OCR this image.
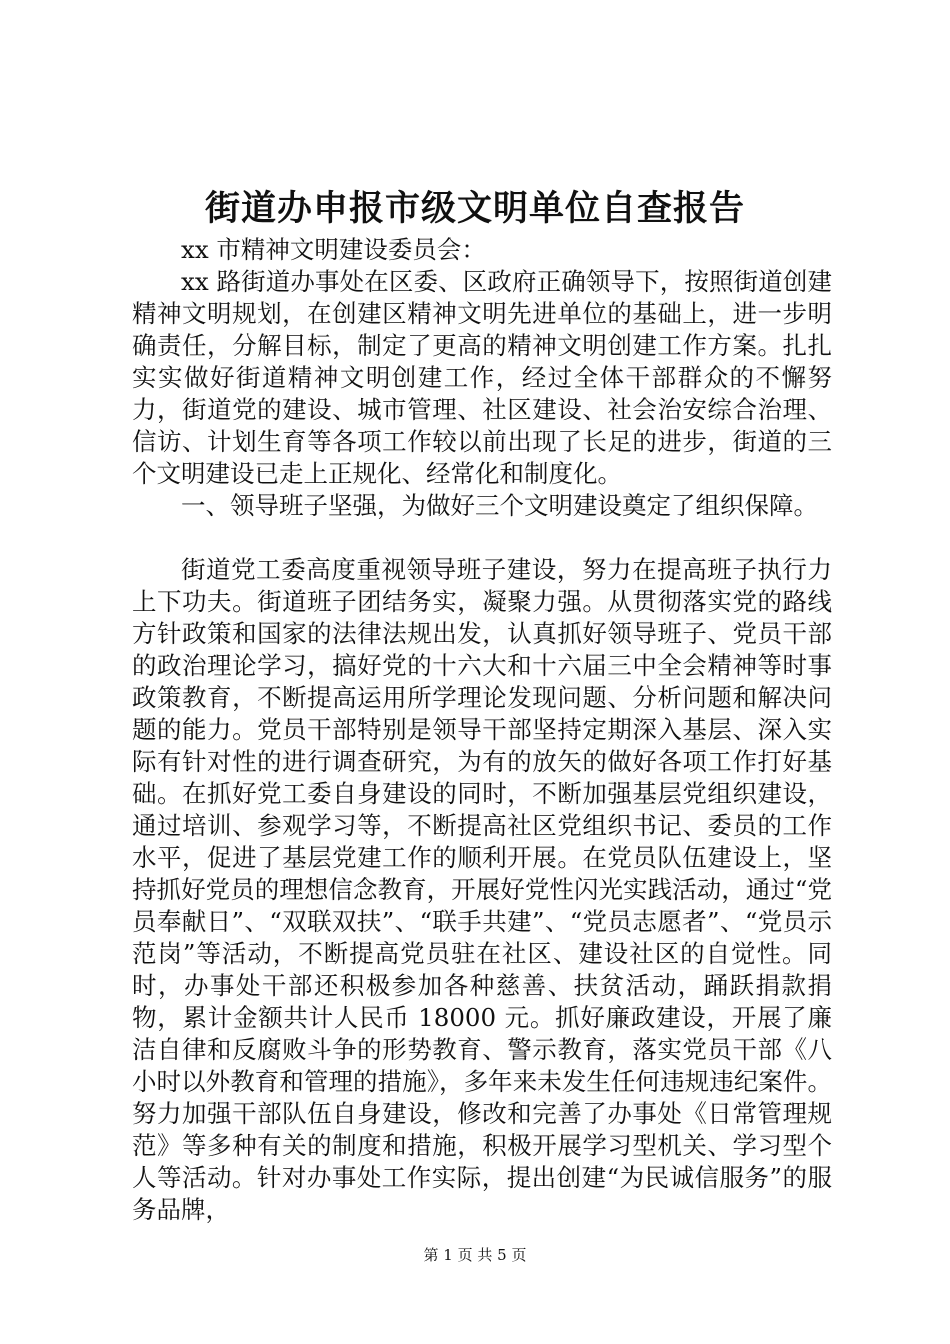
街道办申报市级文明单位自查报告

xx 市精神文明建设委员会：

xx 路街道办事处在区委、区政府正确领导下，按照街道创建精神文明规划，在创建区精神文明先进单位的基础上，进一步明确责任，分解目标，制定了更高的精神文明创建工作方案。扎扎实实做好街道精神文明创建工作，经过全体干部群众的不懈努力，街道党的建设、城市管理、社区建设、社会治安综合治理、信访、计划生育等各项工作较以前出现了长足的进步，街道的三个文明建设已走上正规化、经常化和制度化。

一、领导班子坚强，为做好三个文明建设奠定了组织保障。

街道党工委高度重视领导班子建设，努力在提高班子执行力上下功夫。街道班子团结务实，凝聚力强。从贯彻落实党的路线方针政策和国家的法律法规出发，认真抓好领导班子、党员干部的政治理论学习，搞好党的十六大和十六届三中全会精神等时事政策教育，不断提高运用所学理论发现问题、分析问题和解决问题的能力。党员干部特别是领导干部坚持定期深入基层、深入实际有针对性的进行调查研究，为有的放矢的做好各项工作打好基础。在抓好党工委自身建设的同时，不断加强基层党组织建设，通过培训、参观学习等，不断提高社区党组织书记、委员的工作水平，促进了基层党建工作的顺利开展。在党员队伍建设上，坚持抓好党员的理想信念教育，开展好党性闪光实践活动，通过“党员奉献日”、“双联双扶”、“联手共建”、“党员志愿者”、“党员示范岗”等活动，不断提高党员驻在社区、建设社区的自觉性。同时，办事处干部还积极参加各种慈善、扶贫活动，踊跃捐款捐物，累计金额共计人民币 18000 元。抓好廉政建设，开展了廉洁自律和反腐败斗争的形势教育、警示教育，落实党员干部《八小时以外教育和管理的措施》，多年来未发生任何违规违纪案件。努力加强干部队伍自身建设，修改和完善了办事处《日常管理规范》等多种有关的制度和措施，积极开展学习型机关、学习型个人等活动。针对办事处工作实际，提出创建“为民诚信服务”的服务品牌，

第 1 页 共 5 页
